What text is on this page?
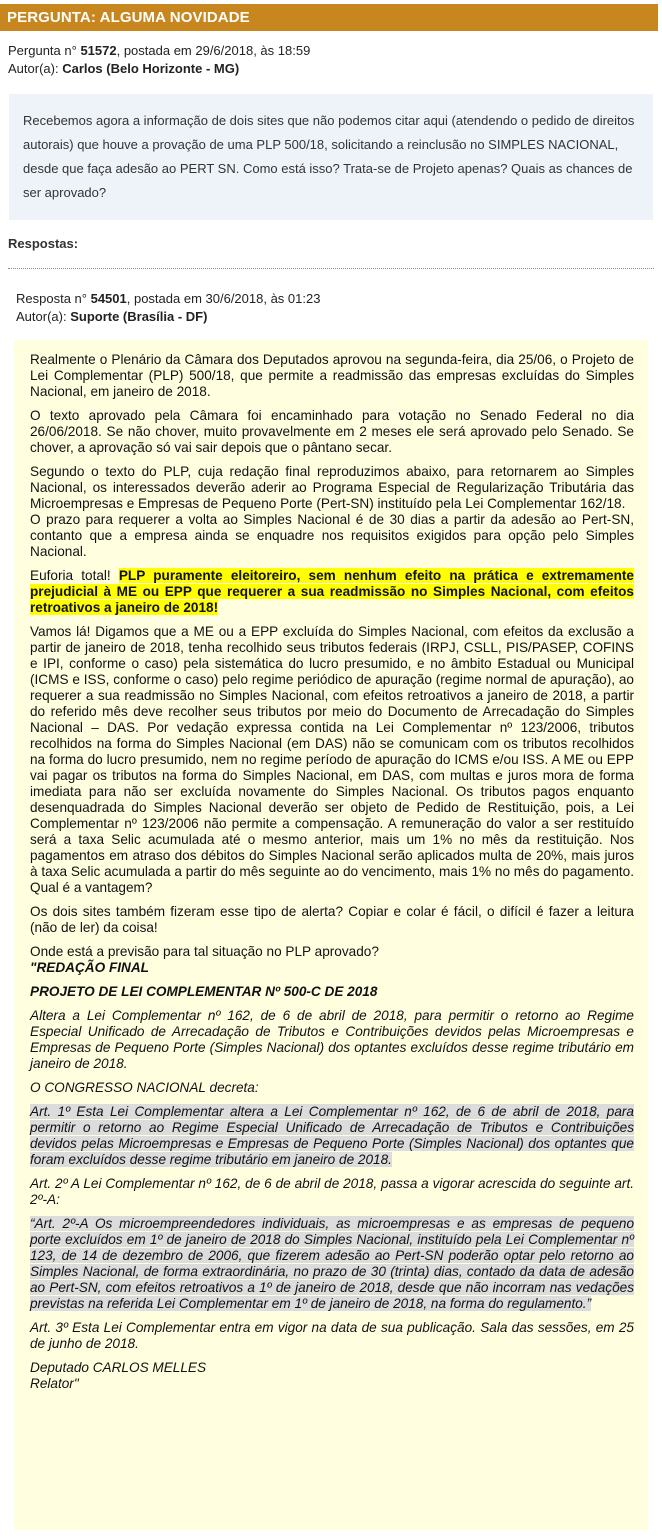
PERGUNTA: ALGUMA NOVIDADE
Pergunta n° 51572, postada em 29/6/2018, às 18:59
Autor(a): Carlos (Belo Horizonte - MG)
Recebemos agora a informação de dois sites que não podemos citar aqui (atendendo o pedido de direitos autorais) que houve a provação de uma PLP 500/18, solicitando a reinclusão no SIMPLES NACIONAL, desde que faça adesão ao PERT SN. Como está isso? Trata-se de Projeto apenas? Quais as chances de ser aprovado?
Respostas:
Resposta n° 54501, postada em 30/6/2018, às 01:23
Autor(a): Suporte (Brasília - DF)

Realmente o Plenário da Câmara dos Deputados aprovou na segunda-feira, dia 25/06, o Projeto de Lei Complementar (PLP) 500/18, que permite a readmissão das empresas excluídas do Simples Nacional, em janeiro de 2018.

O texto aprovado pela Câmara foi encaminhado para votação no Senado Federal no dia 26/06/2018. Se não chover, muito provavelmente em 2 meses ele será aprovado pelo Senado. Se chover, a aprovação só vai sair depois que o pântano secar.

Segundo o texto do PLP, cuja redação final reproduzimos abaixo, para retornarem ao Simples Nacional, os interessados deverão aderir ao Programa Especial de Regularização Tributária das Microempresas e Empresas de Pequeno Porte (Pert-SN) instituído pela Lei Complementar 162/18.

O prazo para requerer a volta ao Simples Nacional é de 30 dias a partir da adesão ao Pert-SN, contanto que a empresa ainda se enquadre nos requisitos exigidos para opção pelo Simples Nacional.

Euforia total! PLP puramente eleitoreiro, sem nenhum efeito na prática e extremamente prejudicial à ME ou EPP que requerer a sua readmissão no Simples Nacional, com efeitos retroativos a janeiro de 2018!

Vamos lá! Digamos que a ME ou a EPP excluída do Simples Nacional, com efeitos da exclusão a partir de janeiro de 2018, tenha recolhido seus tributos federais (IRPJ, CSLL, PIS/PASEP, COFINS e IPI, conforme o caso) pela sistemática do lucro presumido, e no âmbito Estadual ou Municipal (ICMS e ISS, conforme o caso) pelo regime periódico de apuração (regime normal de apuração), ao requerer a sua readmissão no Simples Nacional, com efeitos retroativos a janeiro de 2018, a partir do referido mês deve recolher seus tributos por meio do Documento de Arrecadação do Simples Nacional – DAS. Por vedação expressa contida na Lei Complementar nº 123/2006, tributos recolhidos na forma do Simples Nacional (em DAS) não se comunicam com os tributos recolhidos na forma do lucro presumido, nem no regime período de apuração do ICMS e/ou ISS. A ME ou EPP vai pagar os tributos na forma do Simples Nacional, em DAS, com multas e juros mora de forma imediata para não ser excluída novamente do Simples Nacional. Os tributos pagos enquanto desenquadrada do Simples Nacional deverão ser objeto de Pedido de Restituição, pois, a Lei Complementar nº 123/2006 não permite a compensação. A remuneração do valor a ser restituído será a taxa Selic acumulada até o mesmo anterior, mais um 1% no mês da restituição. Nos pagamentos em atraso dos débitos do Simples Nacional serão aplicados multa de 20%, mais juros à taxa Selic acumulada a partir do mês seguinte ao do vencimento, mais 1% no mês do pagamento. Qual é a vantagem?

Os dois sites também fizeram esse tipo de alerta? Copiar e colar é fácil, o difícil é fazer a leitura (não de ler) da coisa!

Onde está a previsão para tal situação no PLP aprovado?

"REDAÇÃO FINAL

PROJETO DE LEI COMPLEMENTAR Nº 500-C DE 2018

Altera a Lei Complementar nº 162, de 6 de abril de 2018, para permitir o retorno ao Regime Especial Unificado de Arrecadação de Tributos e Contribuições devidos pelas Microempresas e Empresas de Pequeno Porte (Simples Nacional) dos optantes excluídos desse regime tributário em janeiro de 2018.

O CONGRESSO NACIONAL decreta:

Art. 1º Esta Lei Complementar altera a Lei Complementar nº 162, de 6 de abril de 2018, para permitir o retorno ao Regime Especial Unificado de Arrecadação de Tributos e Contribuições devidos pelas Microempresas e Empresas de Pequeno Porte (Simples Nacional) dos optantes que foram excluídos desse regime tributário em janeiro de 2018.

Art. 2º A Lei Complementar nº 162, de 6 de abril de 2018, passa a vigorar acrescida do seguinte art. 2º-A:

“Art. 2º-A Os microempreendedores individuais, as microempresas e as empresas de pequeno porte excluídos em 1º de janeiro de 2018 do Simples Nacional, instituído pela Lei Complementar nº 123, de 14 de dezembro de 2006, que fizerem adesão ao Pert-SN poderão optar pelo retorno ao Simples Nacional, de forma extraordinária, no prazo de 30 (trinta) dias, contado da data de adesão ao Pert-SN, com efeitos retroativos a 1º de janeiro de 2018, desde que não incorram nas vedações previstas na referida Lei Complementar em 1º de janeiro de 2018, na forma do regulamento.”

Art. 3º Esta Lei Complementar entra em vigor na data de sua publicação. Sala das sessões, em 25 de junho de 2018.

Deputado CARLOS MELLES

Relator"
